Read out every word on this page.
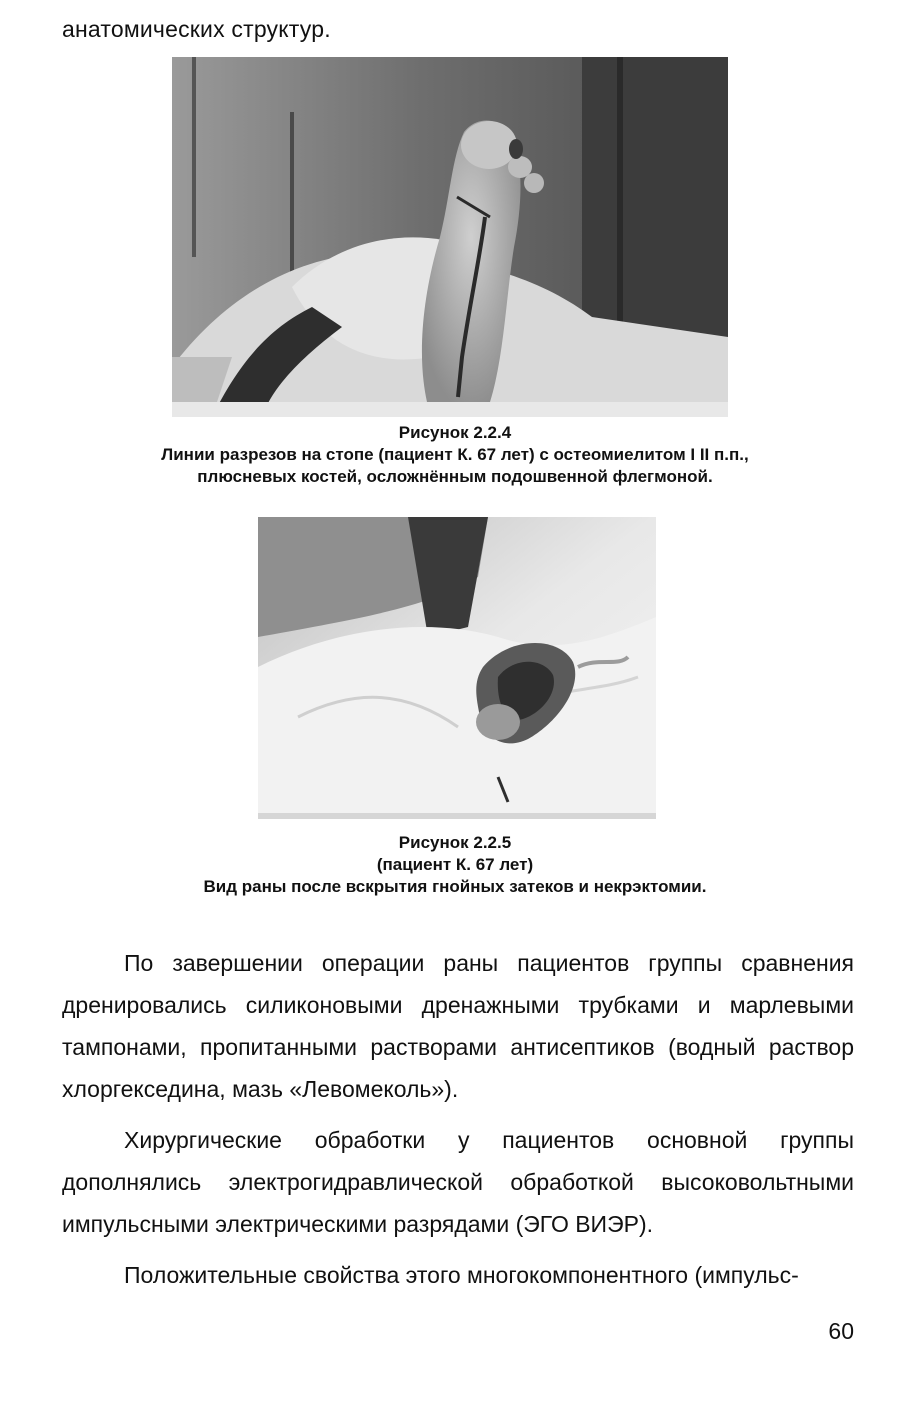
анатомических структур.
Рисунок 2.2.4
Линии разрезов на стопе (пациент К. 67 лет) с остеомиелитом I II п.п.,
плюсневых костей, осложнённым подошвенной флегмоной.
Рисунок 2.2.5
(пациент К. 67 лет)
Вид раны после вскрытия гнойных затеков и некрэктомии.

По завершении операции раны пациентов группы сравнения дренировались силиконовыми дренажными трубками и марлевыми тампонами, пропитанными растворами антисептиков (водный раствор хлоргекседина, мазь «Левомеколь»).

Хирургические обработки у пациентов основной группы дополнялись электрогидравлической обработкой высоковольтными импульсными электрическими разрядами (ЭГО ВИЭР).

Положительные свойства этого многокомпонентного (импульс-

60
